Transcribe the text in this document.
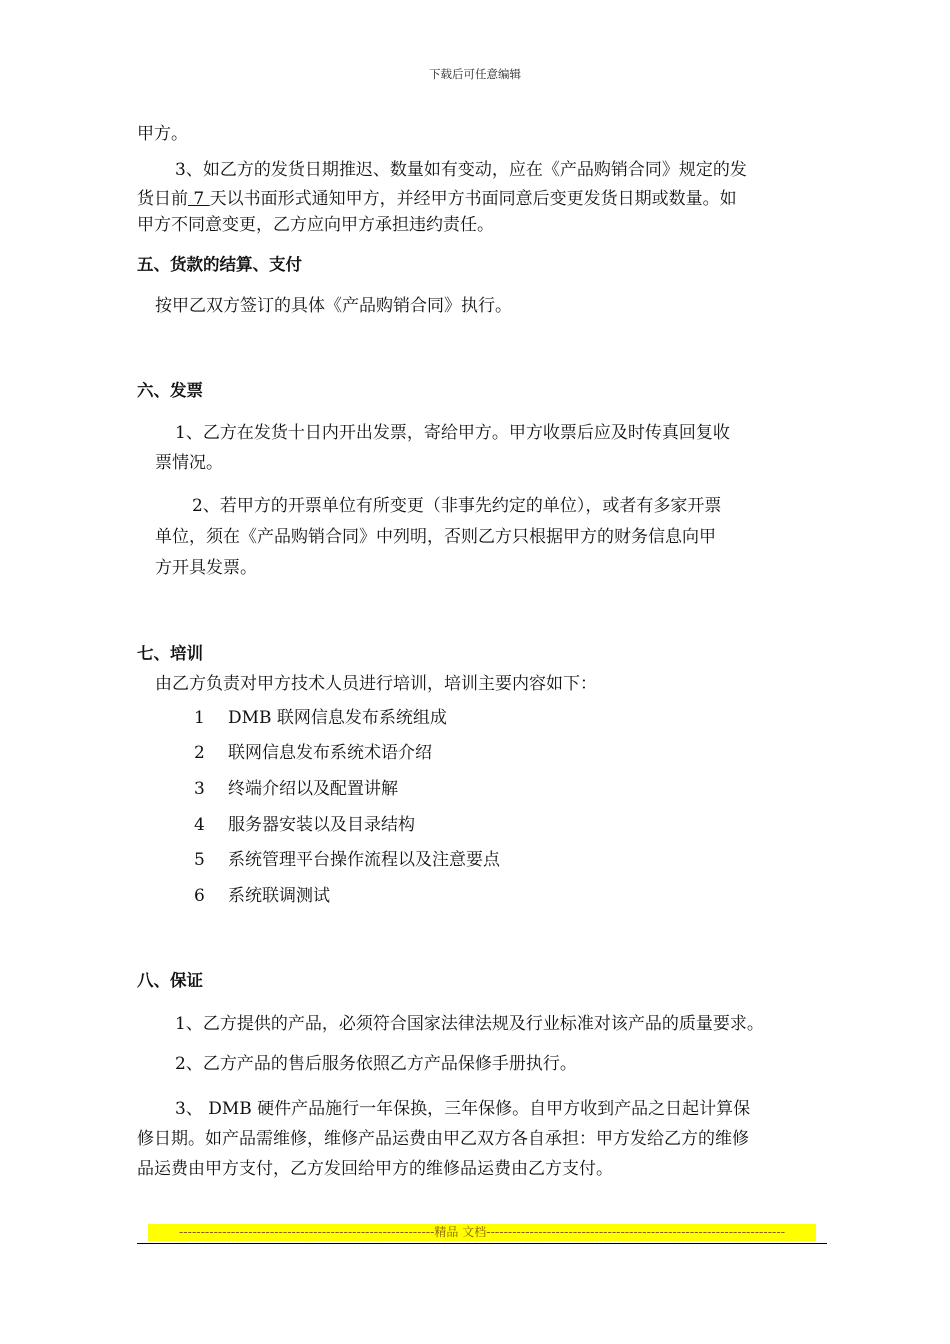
下载后可任意编辑
甲方。
3、如乙方的发货日期推迟、数量如有变动，应在《产品购销合同》规定的发
货日前 7 天以书面形式通知甲方，并经甲方书面同意后变更发货日期或数量。如
甲方不同意变更，乙方应向甲方承担违约责任。
五、货款的结算、支付
按甲乙双方签订的具体《产品购销合同》执行。
六、发票
1、乙方在发货十日内开出发票，寄给甲方。甲方收票后应及时传真回复收
票情况。
2、若甲方的开票单位有所变更（非事先约定的单位），或者有多家开票
单位，须在《产品购销合同》中列明，否则乙方只根据甲方的财务信息向甲
方开具发票。
七、培训
由乙方负责对甲方技术人员进行培训，培训主要内容如下：
1 DMB 联网信息发布系统组成
2 联网信息发布系统术语介绍
3 终端介绍以及配置讲解
4 服务器安装以及目录结构
5 系统管理平台操作流程以及注意要点
6 系统联调测试
八、保证
1、乙方提供的产品，必须符合国家法律法规及行业标准对该产品的质量要求。
2、乙方产品的售后服务依照乙方产品保修手册执行。
3、 DMB 硬件产品施行一年保换，三年保修。自甲方收到产品之日起计算保
修日期。如产品需维修，维修产品运费由甲乙双方各自承担：甲方发给乙方的维修
品运费由甲方支付，乙方发回给甲方的维修品运费由乙方支付。
-----------------------------------------------------------精品 文档---------------------------------------------------------------------
